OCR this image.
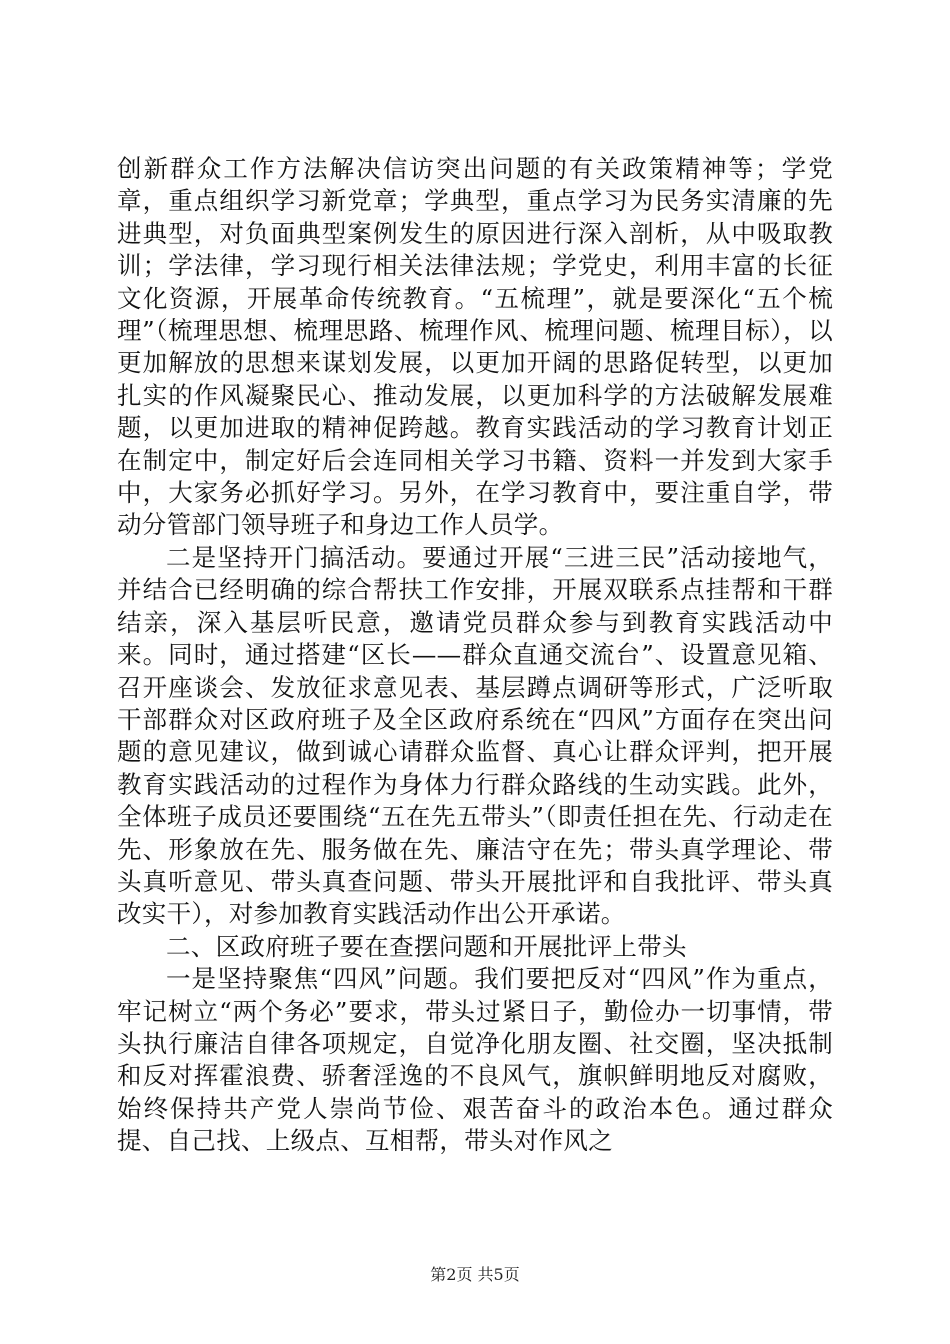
创新群众工作方法解决信访突出问题的有关政策精神等；学党章，重点组织学习新党章；学典型，重点学习为民务实清廉的先进典型，对负面典型案例发生的原因进行深入剖析，从中吸取教训；学法律，学习现行相关法律法规；学党史，利用丰富的长征文化资源，开展革命传统教育。“五梳理”，就是要深化“五个梳理”（梳理思想、梳理思路、梳理作风、梳理问题、梳理目标），以更加解放的思想来谋划发展，以更加开阔的思路促转型，以更加扎实的作风凝聚民心、推动发展，以更加科学的方法破解发展难题，以更加进取的精神促跨越。教育实践活动的学习教育计划正在制定中，制定好后会连同相关学习书籍、资料一并发到大家手中，大家务必抓好学习。另外，在学习教育中，要注重自学，带动分管部门领导班子和身边工作人员学。

二是坚持开门搞活动。要通过开展“三进三民”活动接地气，并结合已经明确的综合帮扶工作安排，开展双联系点挂帮和干群结亲，深入基层听民意，邀请党员群众参与到教育实践活动中来。同时，通过搭建“区长——群众直通交流台”、设置意见箱、召开座谈会、发放征求意见表、基层蹲点调研等形式，广泛听取干部群众对区政府班子及全区政府系统在“四风”方面存在突出问题的意见建议，做到诚心请群众监督、真心让群众评判，把开展教育实践活动的过程作为身体力行群众路线的生动实践。此外，全体班子成员还要围绕“五在先五带头”（即责任担在先、行动走在先、形象放在先、服务做在先、廉洁守在先；带头真学理论、带头真听意见、带头真查问题、带头开展批评和自我批评、带头真改实干），对参加教育实践活动作出公开承诺。

二、区政府班子要在查摆问题和开展批评上带头

一是坚持聚焦“四风”问题。我们要把反对“四风”作为重点，牢记树立“两个务必”要求，带头过紧日子，勤俭办一切事情，带头执行廉洁自律各项规定，自觉净化朋友圈、社交圈，坚决抵制和反对挥霍浪费、骄奢淫逸的不良风气，旗帜鲜明地反对腐败，始终保持共产党人崇尚节俭、艰苦奋斗的政治本色。通过群众提、自己找、上级点、互相帮，带头对作风之

第2页 共5页
